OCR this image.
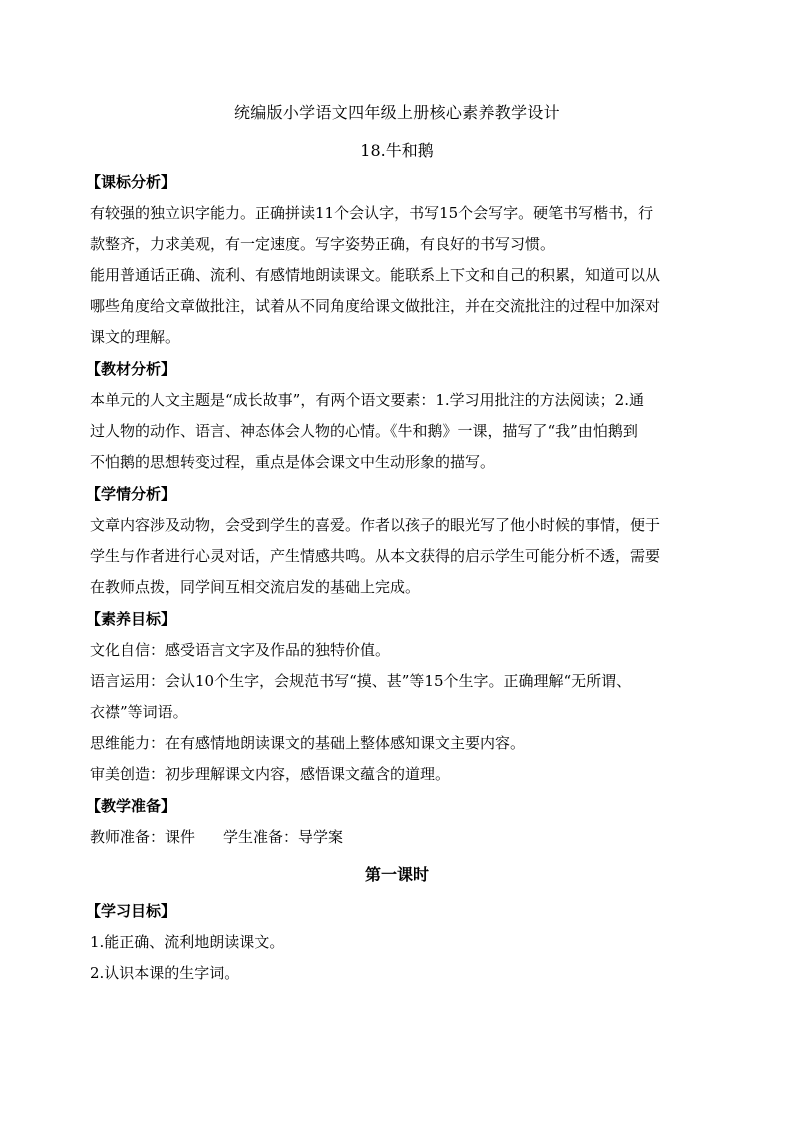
统编版小学语文四年级上册核心素养教学设计
18.牛和鹅
【课标分析】
有较强的独立识字能力。正确拼读11个会认字，书写15个会写字。硬笔书写楷书，行
款整齐，力求美观，有一定速度。写字姿势正确，有良好的书写习惯。
能用普通话正确、流利、有感情地朗读课文。能联系上下文和自己的积累，知道可以从
哪些角度给文章做批注，试着从不同角度给课文做批注，并在交流批注的过程中加深对
课文的理解。
【教材分析】
本单元的人文主题是“成长故事”，有两个语文要素：1.学习用批注的方法阅读；2.通
过人物的动作、语言、神态体会人物的心情。《牛和鹅》一课，描写了“我”由怕鹅到
不怕鹅的思想转变过程，重点是体会课文中生动形象的描写。
【学情分析】
文章内容涉及动物，会受到学生的喜爱。作者以孩子的眼光写了他小时候的事情，便于
学生与作者进行心灵对话，产生情感共鸣。从本文获得的启示学生可能分析不透，需要
在教师点拨，同学间互相交流启发的基础上完成。
【素养目标】
文化自信：感受语言文字及作品的独特价值。
语言运用：会认10个生字，会规范书写“摸、甚”等15个生字。正确理解“无所谓、
衣襟”等词语。
思维能力：在有感情地朗读课文的基础上整体感知课文主要内容。
审美创造：初步理解课文内容，感悟课文蕴含的道理。
【教学准备】
教师准备：课件 学生准备：导学案
第一课时
【学习目标】
1.能正确、流利地朗读课文。
2.认识本课的生字词。
